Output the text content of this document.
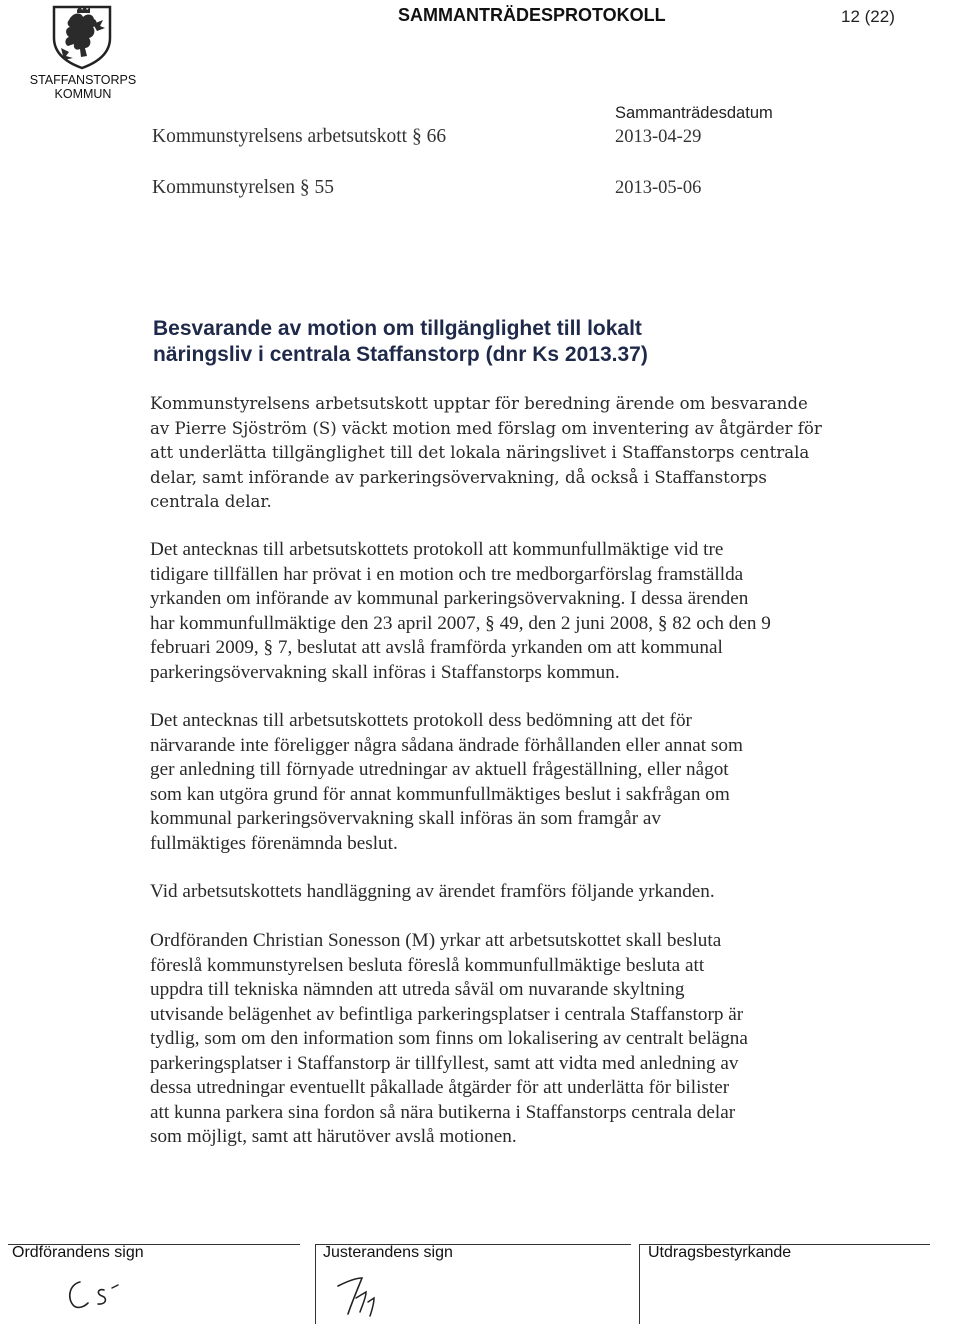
STAFFANSTORPS
KOMMUN
SAMMANTRÄDESPROTOKOLL	12 (22)
Sammanträdesdatum
Kommunstyrelsens arbetsutskott § 66	2013-04-29
Kommunstyrelsen § 55	2013-05-06
Besvarande av motion om tillgänglighet till lokalt
näringsliv i centrala Staffanstorp (dnr Ks 2013.37)

Kommunstyrelsens arbetsutskott upptar för beredning ärende om besvarande

av Pierre Sjöström (S) väckt motion med förslag om inventering av åtgärder för

att underlätta tillgänglighet till det lokala näringslivet i Staffanstorps centrala

delar, samt införande av parkeringsövervakning, då också i Staffanstorps

centrala delar.

Det antecknas till arbetsutskottets protokoll att kommunfullmäktige vid tre

tidigare tillfällen har prövat i en motion och tre medborgarförslag framställda

yrkanden om införande av kommunal parkeringsövervakning. I dessa ärenden

har kommunfullmäktige den 23 april 2007, § 49, den 2 juni 2008, § 82 och den 9

februari 2009, § 7, beslutat att avslå framförda yrkanden om att kommunal

parkeringsövervakning skall införas i Staffanstorps kommun.

Det antecknas till arbetsutskottets protokoll dess bedömning att det för

närvarande inte föreligger några sådana ändrade förhållanden eller annat som

ger anledning till förnyade utredningar av aktuell frågeställning, eller något

som kan utgöra grund för annat kommunfullmäktiges beslut i sakfrågan om

kommunal parkeringsövervakning skall införas än som framgår av

fullmäktiges förenämnda beslut.

Vid arbetsutskottets handläggning av ärendet framförs följande yrkanden.

Ordföranden Christian Sonesson (M) yrkar att arbetsutskottet skall besluta

föreslå kommunstyrelsen besluta föreslå kommunfullmäktige besluta att

uppdra till tekniska nämnden att utreda såväl om nuvarande skyltning

utvisande belägenhet av befintliga parkeringsplatser i centrala Staffanstorp är

tydlig, som om den information som finns om lokalisering av centralt belägna

parkeringsplatser i Staffanstorp är tillfyllest, samt att vidta med anledning av

dessa utredningar eventuellt påkallade åtgärder för att underlätta för bilister

att kunna parkera sina fordon så nära butikerna i Staffanstorps centrala delar

som möjligt, samt att härutöver avslå motionen.

Ordförandens sign	Justerandens sign	Utdragsbestyrkande
